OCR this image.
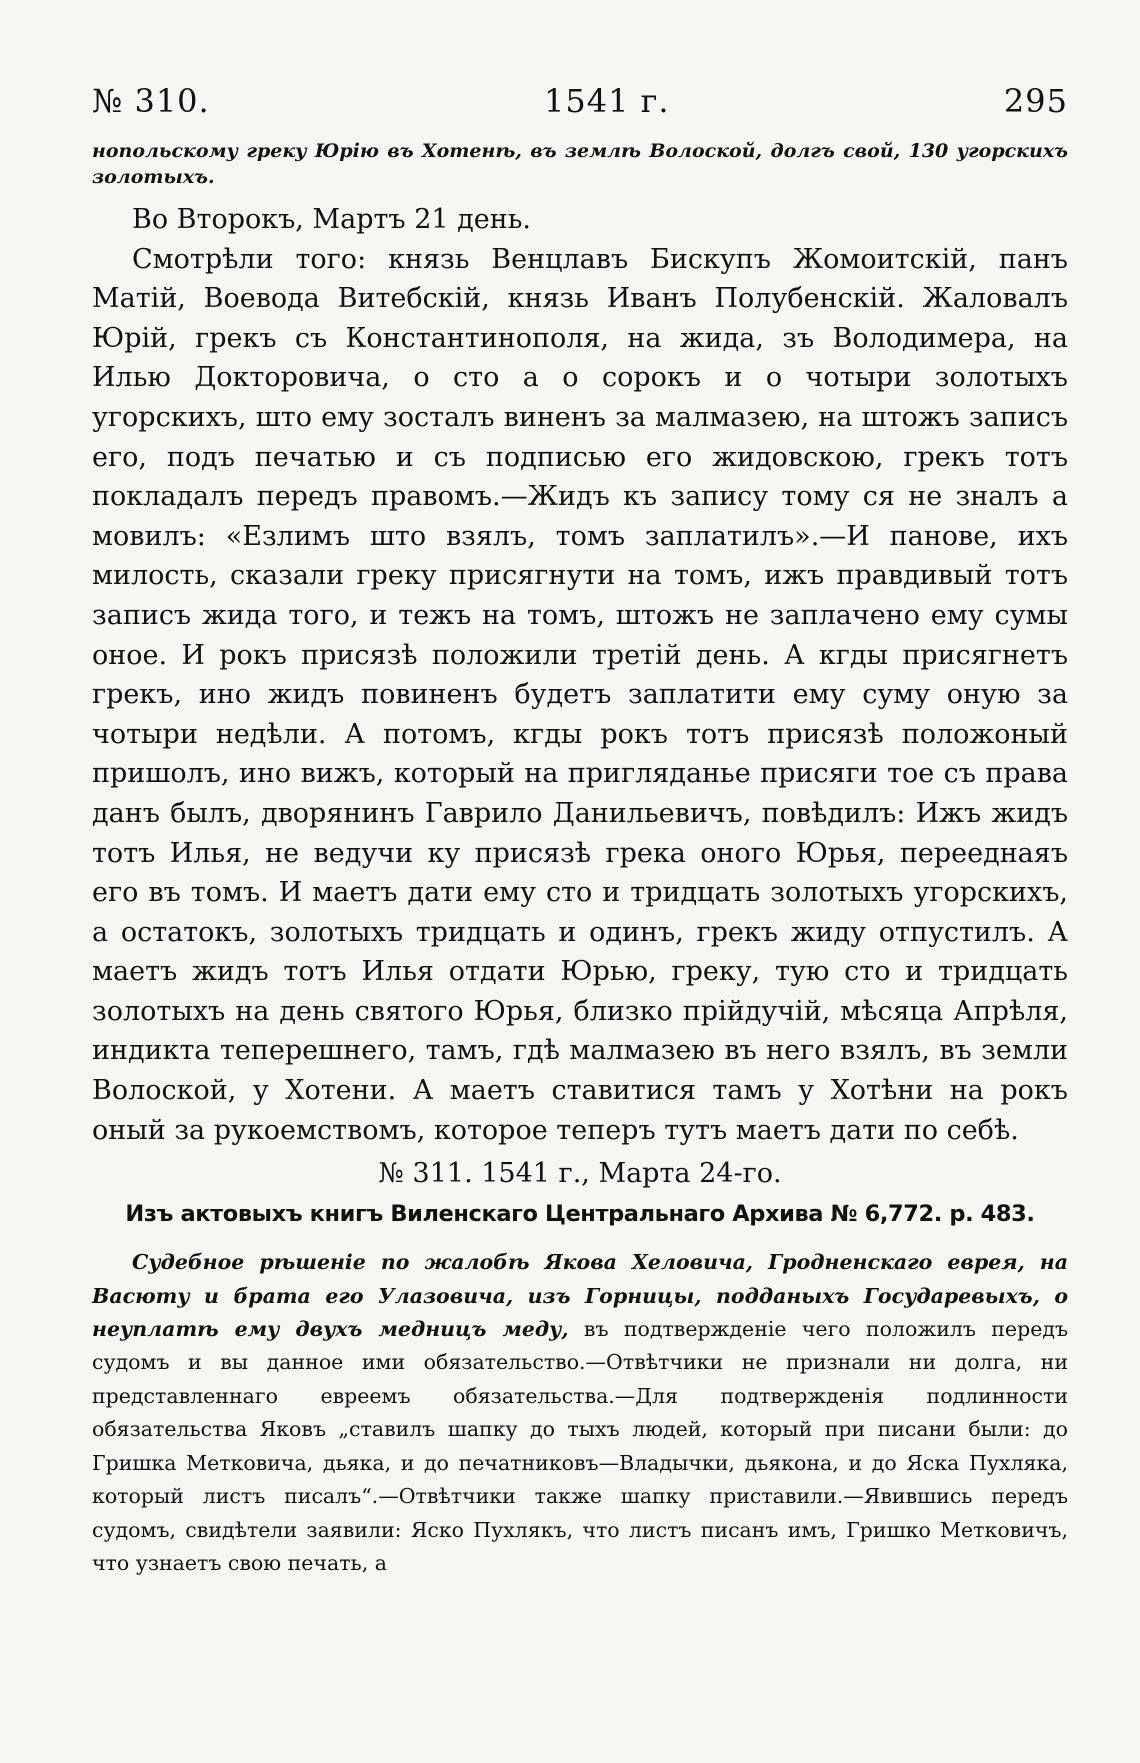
№ 310.	1541 г.	295

нопольскому греку Юрію въ Хотенѣ, въ землѣ Волоской, долгъ свой, 130 угорскихъ золотыхъ.

Во Второкъ, Мартъ 21 день.

Смотрѣли того: князь Венцлавъ Бискупъ Жомоитскій, панъ Матій, Воевода Витебскій, князь Иванъ Полубенскій. Жаловалъ Юрій, грекъ съ Константинополя, на жида, зъ Володимера, на Илью Докторовича, о сто а о сорокъ и о чотыри золотыхъ угорскихъ, што ему зосталъ виненъ за малмазею, на штожъ записъ его, подъ печатью и съ подписью его жидовскою, грекъ тотъ покладалъ передъ правомъ.—Жидъ къ запису тому ся не зналъ а мовилъ: «Езлимъ што взялъ, томъ заплатилъ».—И панове, ихъ милость, сказали греку присягнути на томъ, ижъ правдивый тотъ записъ жида того, и тежъ на томъ, штожъ не заплачено ему сумы оное. И рокъ присязѣ положили третій день. А кгды присягнетъ грекъ, ино жидъ повиненъ будетъ заплатити ему суму оную за чотыри недѣли. А потомъ, кгды рокъ тотъ присязѣ положоный пришолъ, ино вижъ, который на пригляданье присяги тое съ права данъ былъ, дворянинъ Гаврило Данильевичъ, повѣдилъ: Ижъ жидъ тотъ Илья, не ведучи ку присязѣ грека оного Юрья, перееднаяъ его въ томъ. И маетъ дати ему сто и тридцать золотыхъ угорскихъ, а остатокъ, золотыхъ тридцать и одинъ, грекъ жиду отпустилъ. А маетъ жидъ тотъ Илья отдати Юрью, греку, тую сто и тридцать золотыхъ на день святого Юрья, близко прійдучій, мѣсяца Апрѣля, индикта теперешнего, тамъ, гдѣ малмазею въ него взялъ, въ земли Волоской, у Хотени. А маетъ ставитися тамъ у Хотѣни на рокъ оный за рукоемствомъ, которое теперъ тутъ маетъ дати по себѣ.

№ 311. 1541 г., Марта 24-го.
Изъ актовыхъ книгъ Виленскаго Центральнаго Архива № 6,772. р. 483.

Судебное рѣшеніе по жалобѣ Якова Хеловича, Гродненскаго еврея, на Васюту и брата его Улазовича, изъ Горницы, подданыхъ Государевыхъ, о неуплатѣ ему двухъ медницъ меду, въ подтвержденіе чего положилъ передъ судомъ и вы данное ими обязательство.—Отвѣтчики не признали ни долга, ни представленнаго евреемъ обязательства.—Для подтвержденія подлинности обязательства Яковъ „ставилъ шапку до тыхъ людей, который при писани были: до Гришка Метковича, дьяка, и до печатниковъ—Владычки, дьякона, и до Яска Пухляка, который листъ писалъ“.—Отвѣтчики также шапку приставили.—Явившись передъ судомъ, свидѣтели заявили: Яско Пухлякъ, что листъ писанъ имъ, Гришко Метковичъ, что узнаетъ свою печать, а
